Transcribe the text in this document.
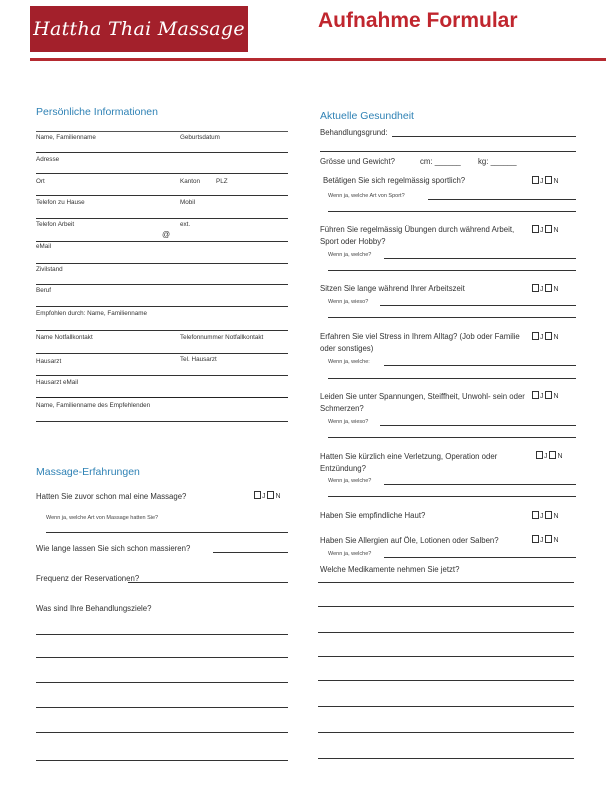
Hattha Thai Massage	Aufnahme Formular
Persönliche Informationen
Name, Familienname	Geburtsdatum
Adresse
Ort	Kanton	PLZ
Telefon zu Hause	Mobil
Telefon Arbeit	ext.
@
eMail
Zivilstand
Beruf
Empfohlen durch: Name, Familienname
Name Notfallkontakt	Telefonnummer Notfallkontakt
Hausarzt	Tel. Hausarzt
Hausarzt eMail
Name, Familienname des Empfehlenden
Massage-Erfahrungen
Hatten Sie zuvor schon mal eine Massage?	J N
Wenn ja, welche Art von Massage hatten Sie?
Wie lange lassen Sie sich schon massieren?
Frequenz der Reservationen?
Was sind Ihre Behandlungsziele?
Aktuelle Gesundheit
Behandlungsgrund:
Grösse und Gewicht?	cm: ______ kg: ______
Betätigen Sie sich regelmässig sportlich?	J N
Wenn ja, welche Art von Sport?
Führen Sie regelmässig Übungen durch während Arbeit, Sport oder Hobby?
J N
Wenn ja, welche?
Sitzen Sie lange während Ihrer Arbeitszeit	J N
Wenn ja, wieso?
Erfahren Sie viel Stress in Ihrem Alltag? (Job oder Familie oder sonstiges)
J N
Wenn ja, welche:
Leiden Sie unter Spannungen, Steiffheit, Unwohl- sein oder Schmerzen?
J N
Wenn ja, wieso?
Hatten Sie kürzlich eine Verletzung, Operation oder Entzündung?
J N
Wenn ja, welche?
Haben Sie empfindliche Haut?	J N
Haben Sie Allergien auf Öle, Lotionen oder Salben?	J N
Wenn ja, welche?
Welche Medikamente nehmen Sie jetzt?
